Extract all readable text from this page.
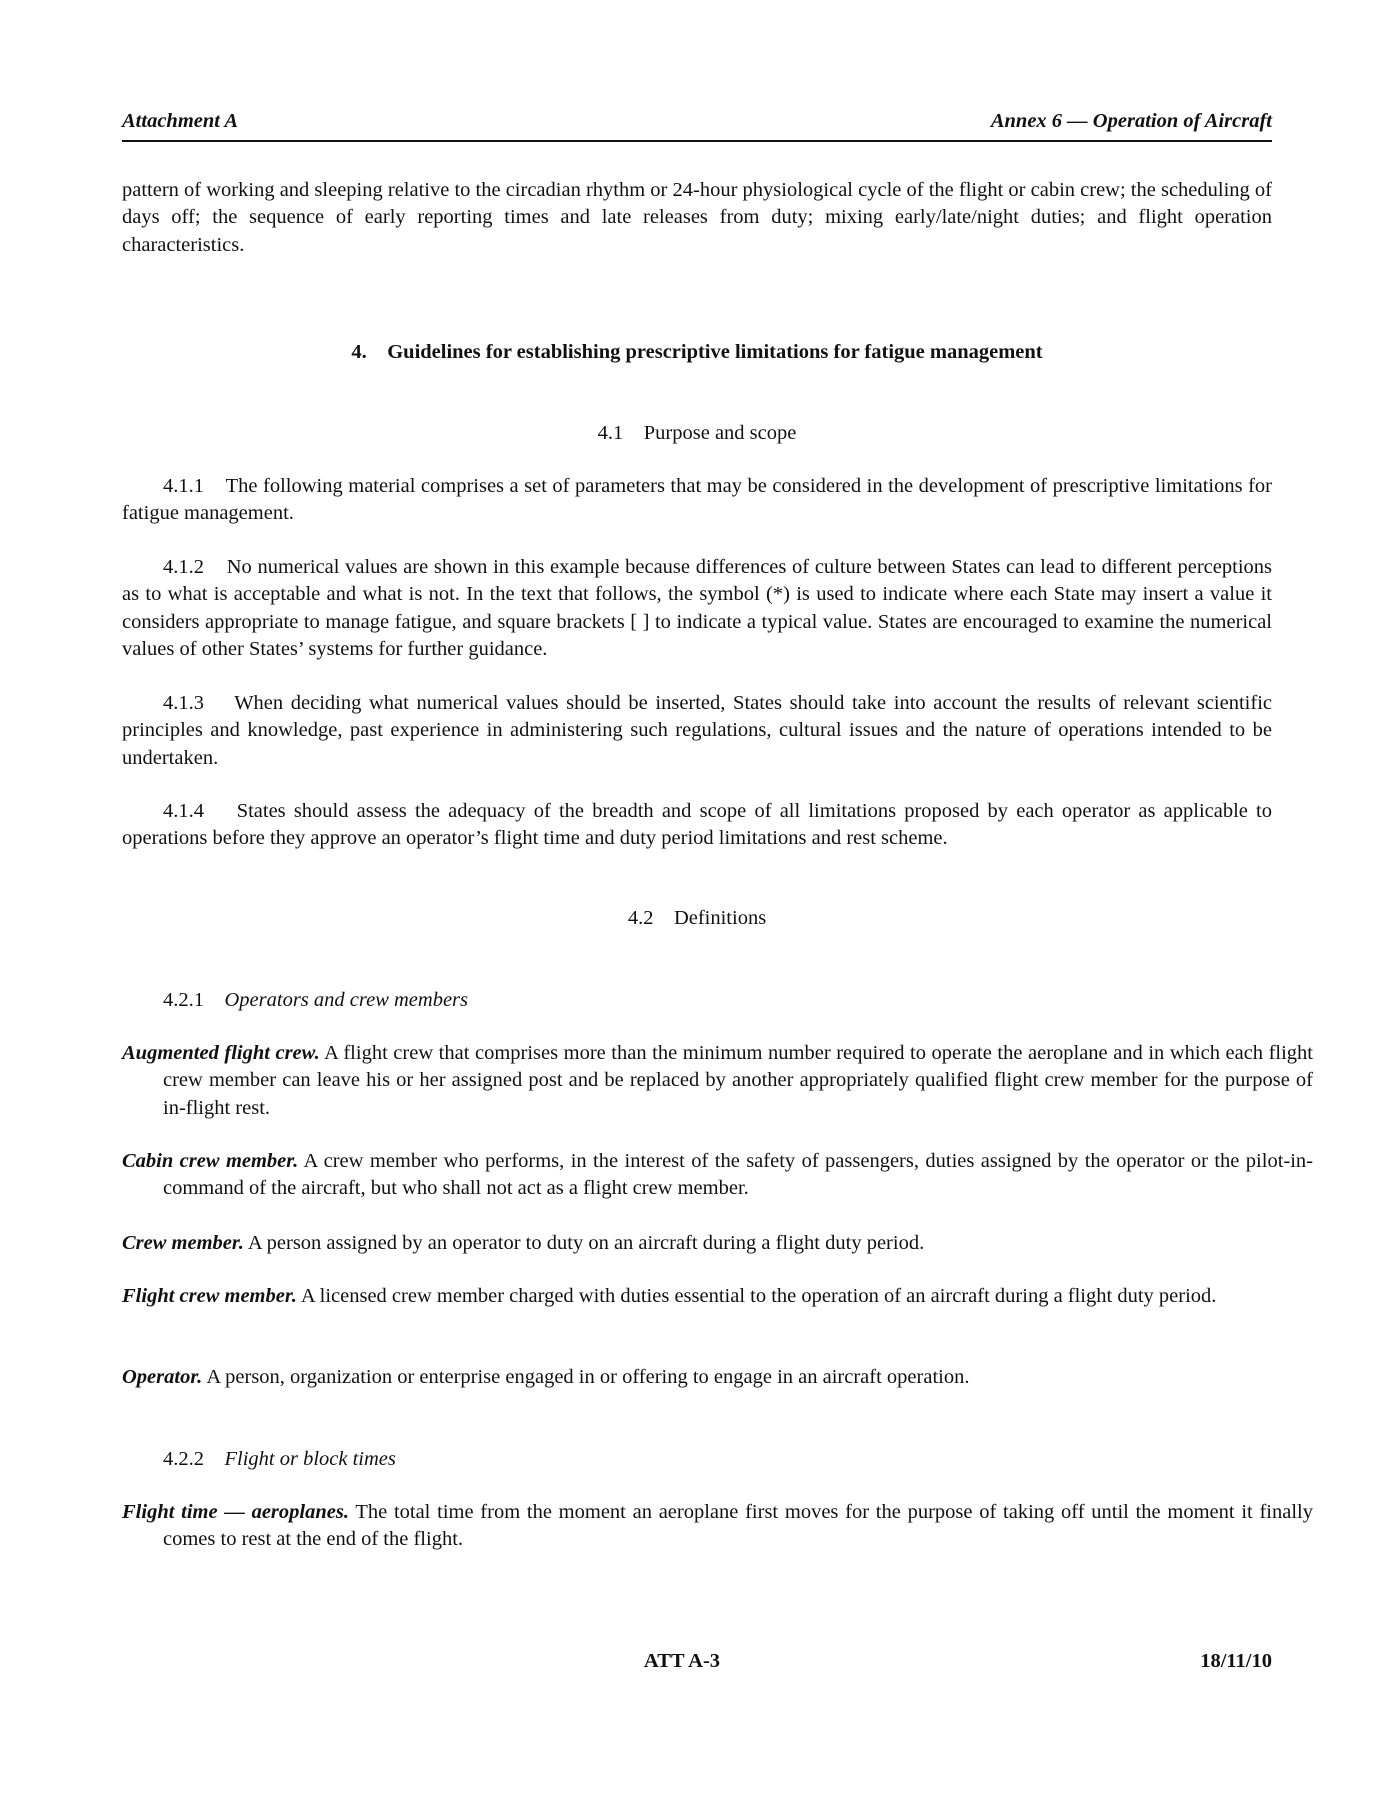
Attachment A	Annex 6 — Operation of Aircraft
pattern of working and sleeping relative to the circadian rhythm or 24-hour physiological cycle of the flight or cabin crew; the scheduling of days off; the sequence of early reporting times and late releases from duty; mixing early/late/night duties; and flight operation characteristics.
4. Guidelines for establishing prescriptive limitations for fatigue management
4.1 Purpose and scope
4.1.1 The following material comprises a set of parameters that may be considered in the development of prescriptive limitations for fatigue management.
4.1.2 No numerical values are shown in this example because differences of culture between States can lead to different perceptions as to what is acceptable and what is not. In the text that follows, the symbol (*) is used to indicate where each State may insert a value it considers appropriate to manage fatigue, and square brackets [ ] to indicate a typical value. States are encouraged to examine the numerical values of other States’ systems for further guidance.
4.1.3 When deciding what numerical values should be inserted, States should take into account the results of relevant scientific principles and knowledge, past experience in administering such regulations, cultural issues and the nature of operations intended to be undertaken.
4.1.4 States should assess the adequacy of the breadth and scope of all limitations proposed by each operator as applicable to operations before they approve an operator’s flight time and duty period limitations and rest scheme.
4.2 Definitions
4.2.1 Operators and crew members
Augmented flight crew. A flight crew that comprises more than the minimum number required to operate the aeroplane and in which each flight crew member can leave his or her assigned post and be replaced by another appropriately qualified flight crew member for the purpose of in-flight rest.
Cabin crew member. A crew member who performs, in the interest of the safety of passengers, duties assigned by the operator or the pilot-in-command of the aircraft, but who shall not act as a flight crew member.
Crew member. A person assigned by an operator to duty on an aircraft during a flight duty period.
Flight crew member. A licensed crew member charged with duties essential to the operation of an aircraft during a flight duty period.
Operator. A person, organization or enterprise engaged in or offering to engage in an aircraft operation.
4.2.2 Flight or block times
Flight time — aeroplanes. The total time from the moment an aeroplane first moves for the purpose of taking off until the moment it finally comes to rest at the end of the flight.
ATT A-3	18/11/10
